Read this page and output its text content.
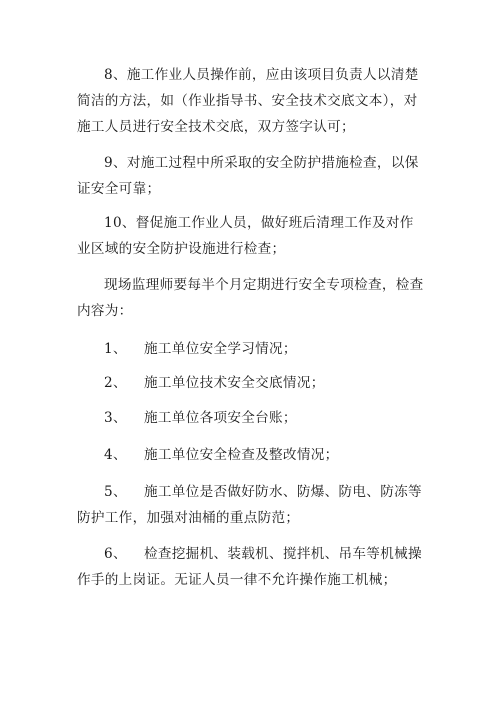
8、施工作业人员操作前，应由该项目负责人以清楚简洁的方法，如（作业指导书、安全技术交底文本），对施工人员进行安全技术交底，双方签字认可；

9、对施工过程中所采取的安全防护措施检查，以保证安全可靠；

10、督促施工作业人员，做好班后清理工作及对作业区域的安全防护设施进行检查；

现场监理师要每半个月定期进行安全专项检查，检查内容为：

1、 施工单位安全学习情况；

2、 施工单位技术安全交底情况；

3、 施工单位各项安全台账；

4、 施工单位安全检查及整改情况；

5、 施工单位是否做好防水、防爆、防电、防冻等防护工作，加强对油桶的重点防范；

6、 检查挖掘机、装载机、搅拌机、吊车等机械操作手的上岗证。无证人员一律不允许操作施工机械；
